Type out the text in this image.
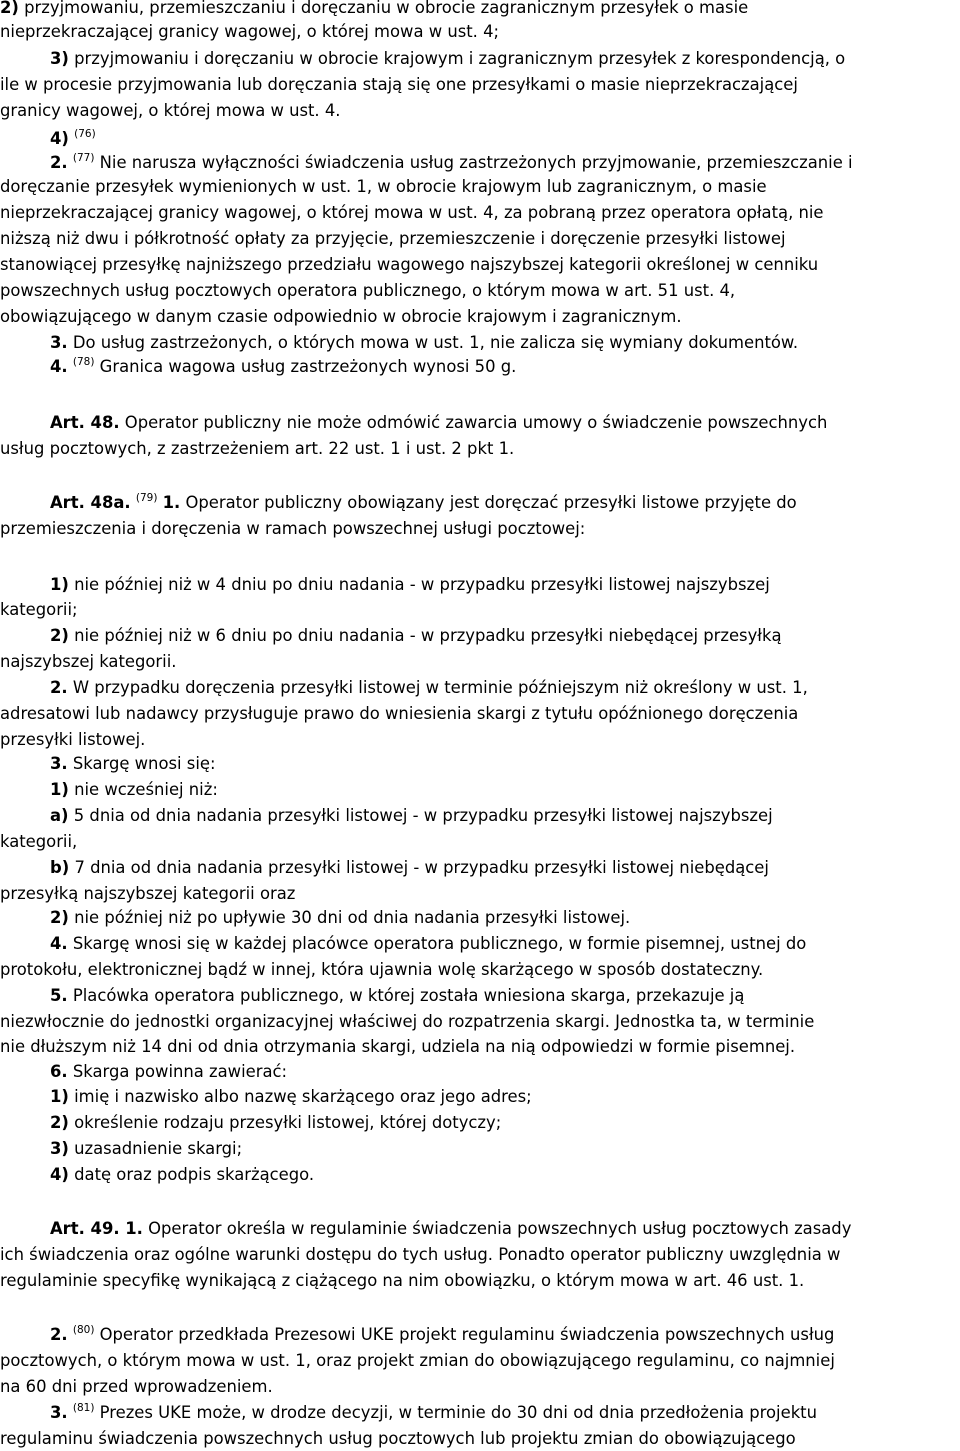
2) przyjmowaniu, przemieszczaniu i doręczaniu w obrocie zagranicznym przesyłek o masie
nieprzekraczającej granicy wagowej, o której mowa w ust. 4;
3) przyjmowaniu i doręczaniu w obrocie krajowym i zagranicznym przesyłek z korespondencją, o
ile w procesie przyjmowania lub doręczania stają się one przesyłkami o masie nieprzekraczającej
granicy wagowej, o której mowa w ust. 4.
4) $^{(76)}$
2. $^{(77)}$ Nie narusza wyłączności świadczenia usług zastrzeżonych przyjmowanie, przemieszczanie i
doręczanie przesyłek wymienionych w ust. 1, w obrocie krajowym lub zagranicznym, o masie
nieprzekraczającej granicy wagowej, o której mowa w ust. 4, za pobraną przez operatora opłatą, nie
niższą niż dwu i półkrotność opłaty za przyjęcie, przemieszczenie i doręczenie przesyłki listowej
stanowiącej przesyłkę najniższego przedziału wagowego najszybszej kategorii określonej w cenniku
powszechnych usług pocztowych operatora publicznego, o którym mowa w art. 51 ust. 4,
obowiązującego w danym czasie odpowiednio w obrocie krajowym i zagranicznym.
3. Do usług zastrzeżonych, o których mowa w ust. 1, nie zalicza się wymiany dokumentów.
4. $^{(78)}$ Granica wagowa usług zastrzeżonych wynosi 50 g.
Art. 48. Operator publiczny nie może odmówić zawarcia umowy o świadczenie powszechnych
usług pocztowych, z zastrzeżeniem art. 22 ust. 1 i ust. 2 pkt 1.
Art. 48a. $^{(79)}$ 1. Operator publiczny obowiązany jest doręczać przesyłki listowe przyjęte do
przemieszczenia i doręczenia w ramach powszechnej usługi pocztowej:
1) nie później niż w 4 dniu po dniu nadania - w przypadku przesyłki listowej najszybszej
kategorii;
2) nie później niż w 6 dniu po dniu nadania - w przypadku przesyłki niebędącej przesyłką
najszybszej kategorii.
2. W przypadku doręczenia przesyłki listowej w terminie późniejszym niż określony w ust. 1,
adresatowi lub nadawcy przysługuje prawo do wniesienia skargi z tytułu opóźnionego doręczenia
przesyłki listowej.
3. Skargę wnosi się:
1) nie wcześniej niż:
a) 5 dnia od dnia nadania przesyłki listowej - w przypadku przesyłki listowej najszybszej
kategorii,
b) 7 dnia od dnia nadania przesyłki listowej - w przypadku przesyłki listowej niebędącej
przesyłką najszybszej kategorii oraz
2) nie później niż po upływie 30 dni od dnia nadania przesyłki listowej.
4. Skargę wnosi się w każdej placówce operatora publicznego, w formie pisemnej, ustnej do
protokołu, elektronicznej bądź w innej, która ujawnia wolę skarżącego w sposób dostateczny.
5. Placówka operatora publicznego, w której została wniesiona skarga, przekazuje ją
niezwłocznie do jednostki organizacyjnej właściwej do rozpatrzenia skargi. Jednostka ta, w terminie
nie dłuższym niż 14 dni od dnia otrzymania skargi, udziela na nią odpowiedzi w formie pisemnej.
6. Skarga powinna zawierać:
1) imię i nazwisko albo nazwę skarżącego oraz jego adres;
2) określenie rodzaju przesyłki listowej, której dotyczy;
3) uzasadnienie skargi;
4) datę oraz podpis skarżącego.
Art. 49. 1. Operator określa w regulaminie świadczenia powszechnych usług pocztowych zasady
ich świadczenia oraz ogólne warunki dostępu do tych usług. Ponadto operator publiczny uwzględnia w
regulaminie specyfikę wynikającą z ciążącego na nim obowiązku, o którym mowa w art. 46 ust. 1.
2. $^{(80)}$ Operator przedkłada Prezesowi UKE projekt regulaminu świadczenia powszechnych usług
pocztowych, o którym mowa w ust. 1, oraz projekt zmian do obowiązującego regulaminu, co najmniej
na 60 dni przed wprowadzeniem.
3. $^{(81)}$ Prezes UKE może, w drodze decyzji, w terminie do 30 dni od dnia przedłożenia projektu
regulaminu świadczenia powszechnych usług pocztowych lub projektu zmian do obowiązującego
